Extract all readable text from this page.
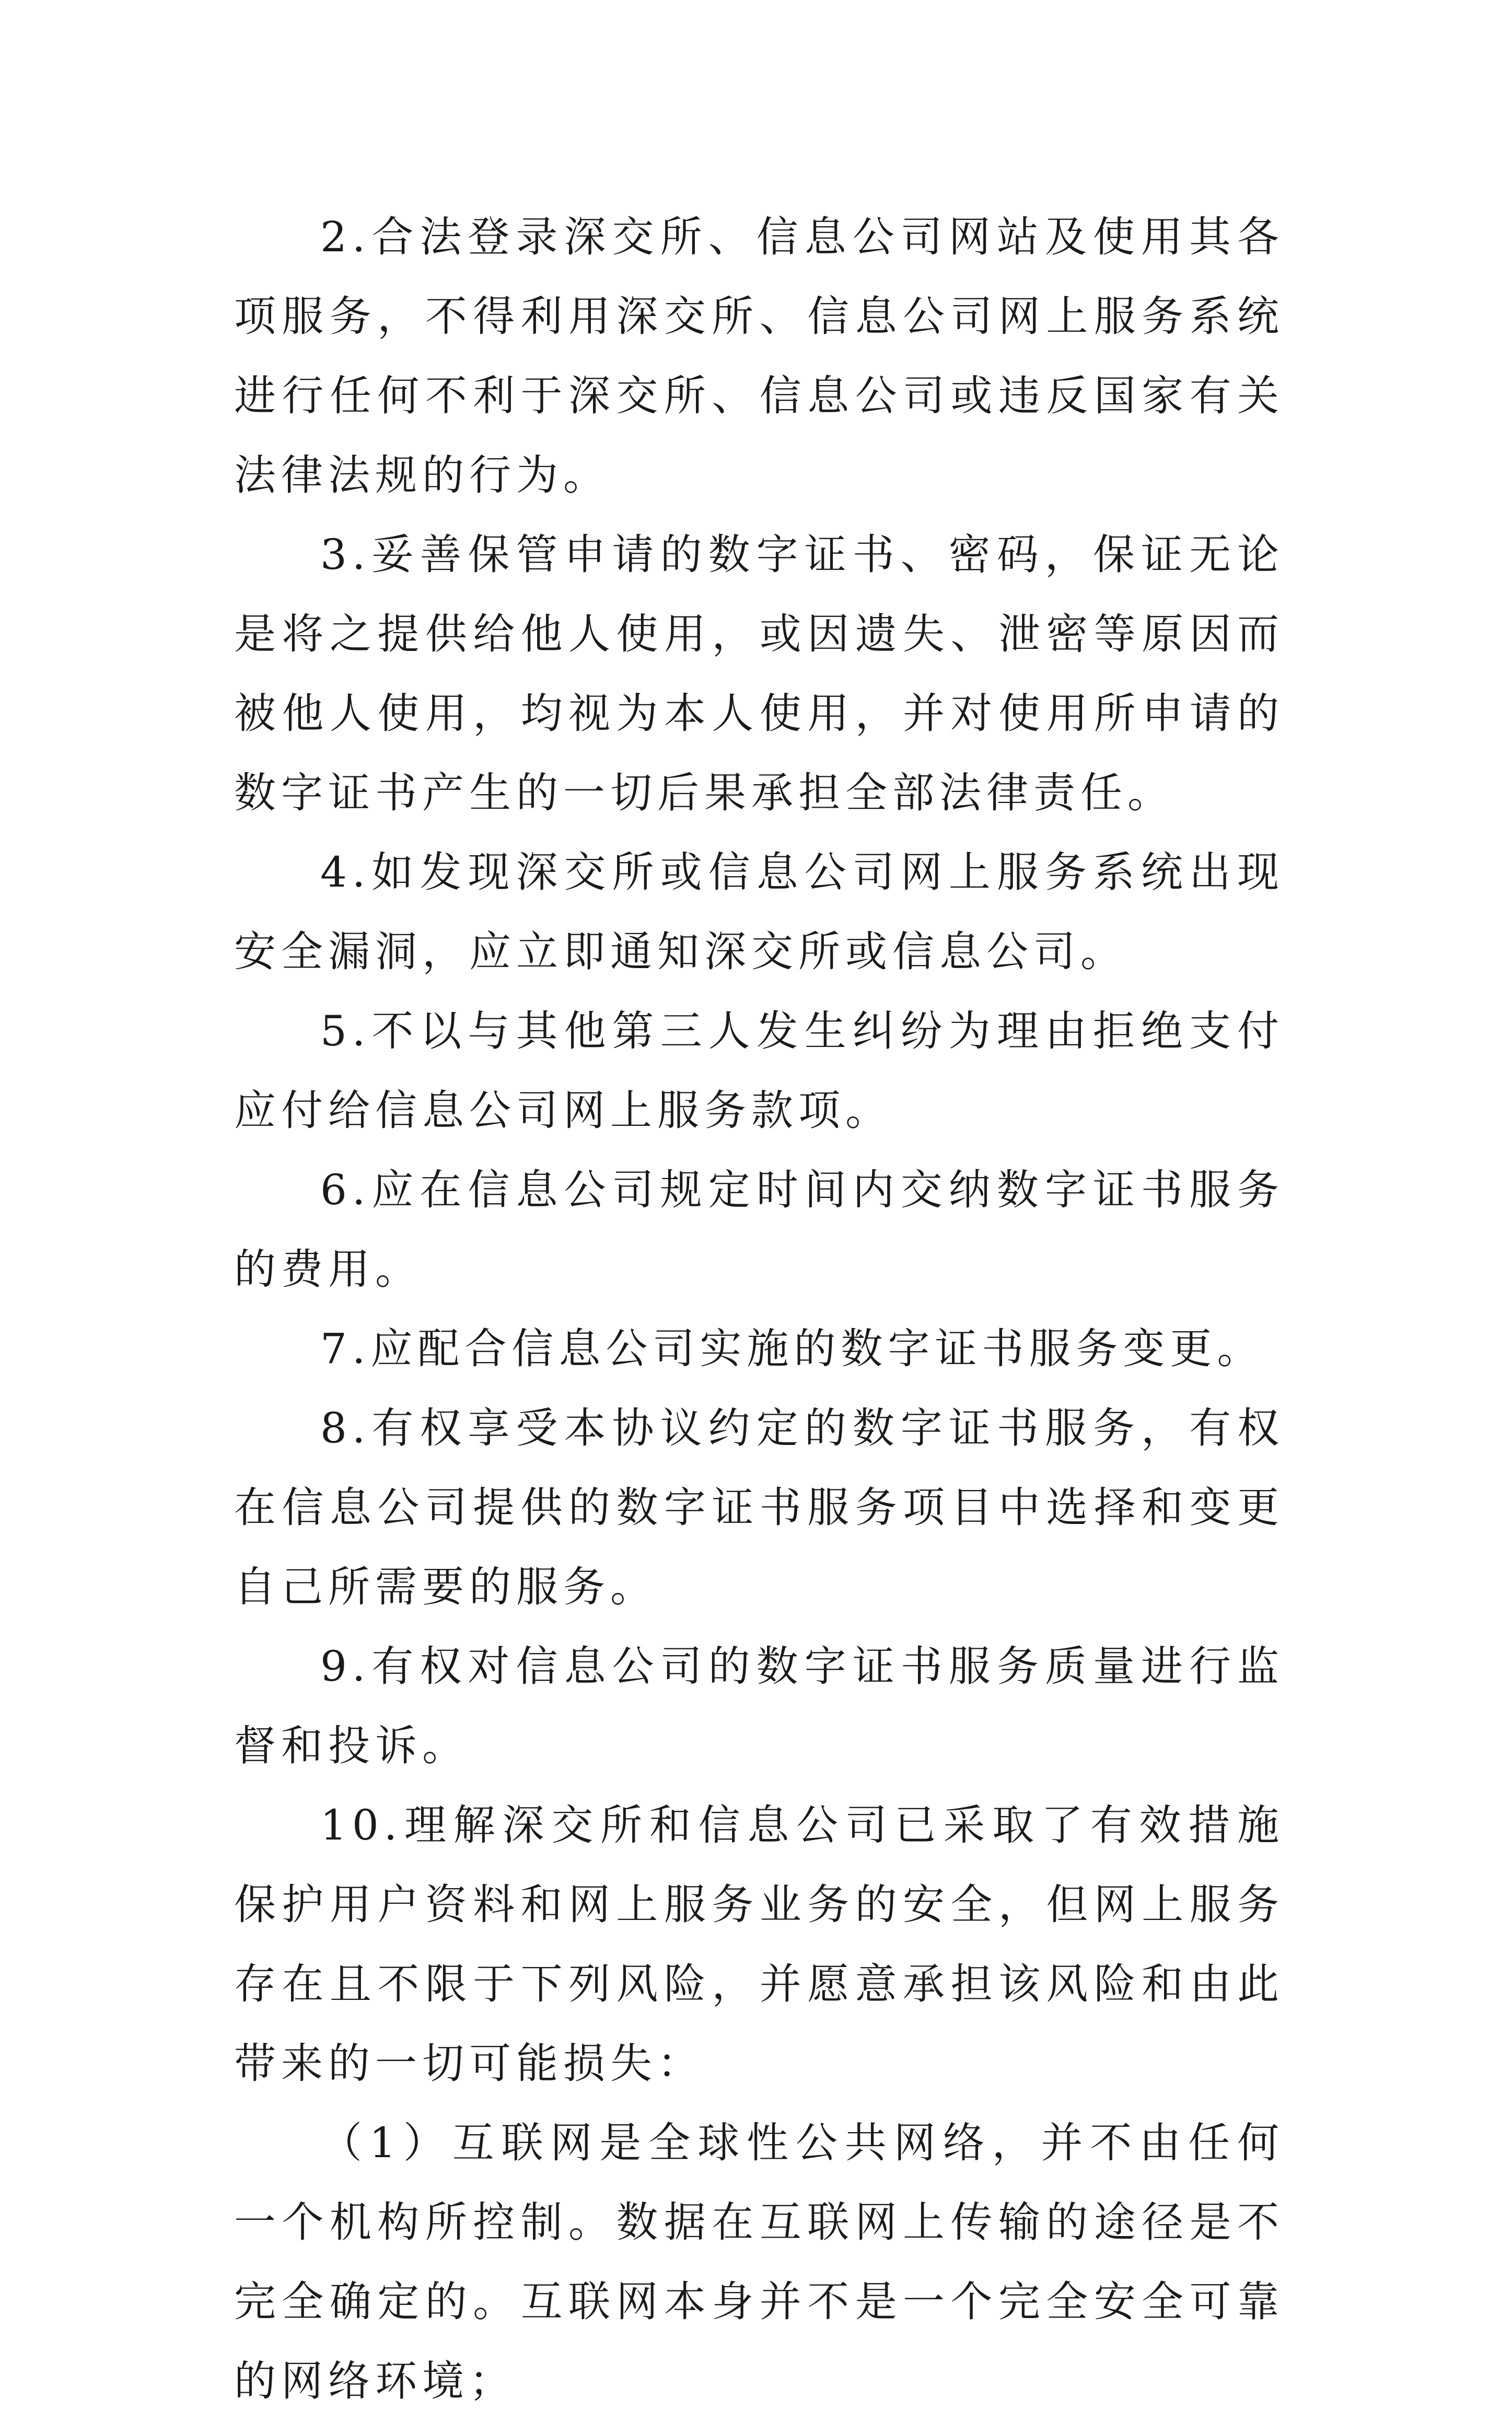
2.合法登录深交所、信息公司网站及使用其各项服务，不得利用深交所、信息公司网上服务系统进行任何不利于深交所、信息公司或违反国家有关法律法规的行为。

3.妥善保管申请的数字证书、密码，保证无论是将之提供给他人使用，或因遗失、泄密等原因而被他人使用，均视为本人使用，并对使用所申请的数字证书产生的一切后果承担全部法律责任。

4.如发现深交所或信息公司网上服务系统出现安全漏洞，应立即通知深交所或信息公司。

5.不以与其他第三人发生纠纷为理由拒绝支付应付给信息公司网上服务款项。

6.应在信息公司规定时间内交纳数字证书服务的费用。

7.应配合信息公司实施的数字证书服务变更。

8.有权享受本协议约定的数字证书服务，有权在信息公司提供的数字证书服务项目中选择和变更自己所需要的服务。

9.有权对信息公司的数字证书服务质量进行监督和投诉。

10.理解深交所和信息公司已采取了有效措施保护用户资料和网上服务业务的安全，但网上服务存在且不限于下列风险，并愿意承担该风险和由此带来的一切可能损失：

（1）互联网是全球性公共网络，并不由任何一个机构所控制。数据在互联网上传输的途径是不完全确定的。互联网本身并不是一个完全安全可靠的网络环境；
